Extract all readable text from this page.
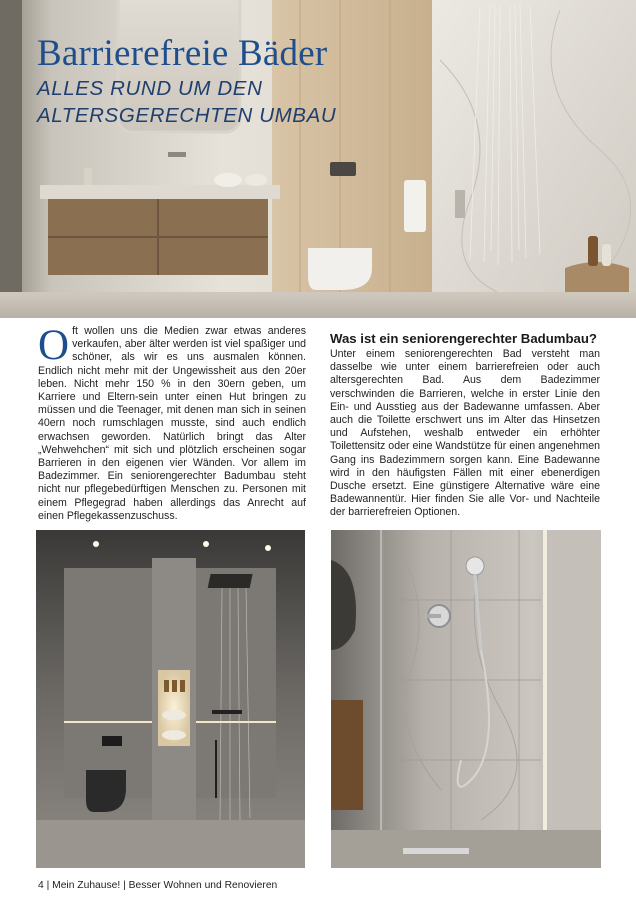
Barrierefreie Bäder
ALLES RUND UM DEN
ALTERSGERECHTEN UMBAU

Oft wollen uns die Medien zwar etwas anderes verkaufen, aber älter werden ist viel spaßiger und schöner, als wir es uns ausmalen können. Endlich nicht mehr mit der Ungewissheit aus den 20er leben. Nicht mehr 150 % in den 30ern geben, um Karriere und Eltern-sein unter einen Hut bringen zu müssen und die Teenager, mit denen man sich in seinen 40ern noch rumschlagen musste, sind auch endlich erwachsen geworden. Natürlich bringt das Alter „Wehwehchen“ mit sich und plötzlich erscheinen sogar Barrieren in den eigenen vier Wänden. Vor allem im Badezimmer. Ein seniorengerechter Badumbau steht nicht nur pflegebedürftigen Menschen zu. Personen mit einem Pflegegrad haben allerdings das Anrecht auf einen Pflegekassenzuschuss.

Was ist ein seniorengerechter Badumbau?

Unter einem seniorengerechten Bad versteht man dasselbe wie unter einem barrierefreien oder auch altersgerechten Bad. Aus dem Badezimmer verschwinden die Barrieren, welche in erster Linie den Ein- und Ausstieg aus der Badewanne umfassen. Aber auch die Toilette erschwert uns im Alter das Hinsetzen und Aufstehen, weshalb entweder ein erhöhter Toilettensitz oder eine Wandstütze für einen angenehmen Gang ins Badezimmern sorgen kann. Eine Badewanne wird in den häufigsten Fällen mit einer ebenerdigen Dusche ersetzt. Eine günstigere Alternative wäre eine Badewannentür. Hier finden Sie alle Vor- und Nachteile der barrierefreien Optionen.

4 | Mein Zuhause! | Besser Wohnen und Renovieren
